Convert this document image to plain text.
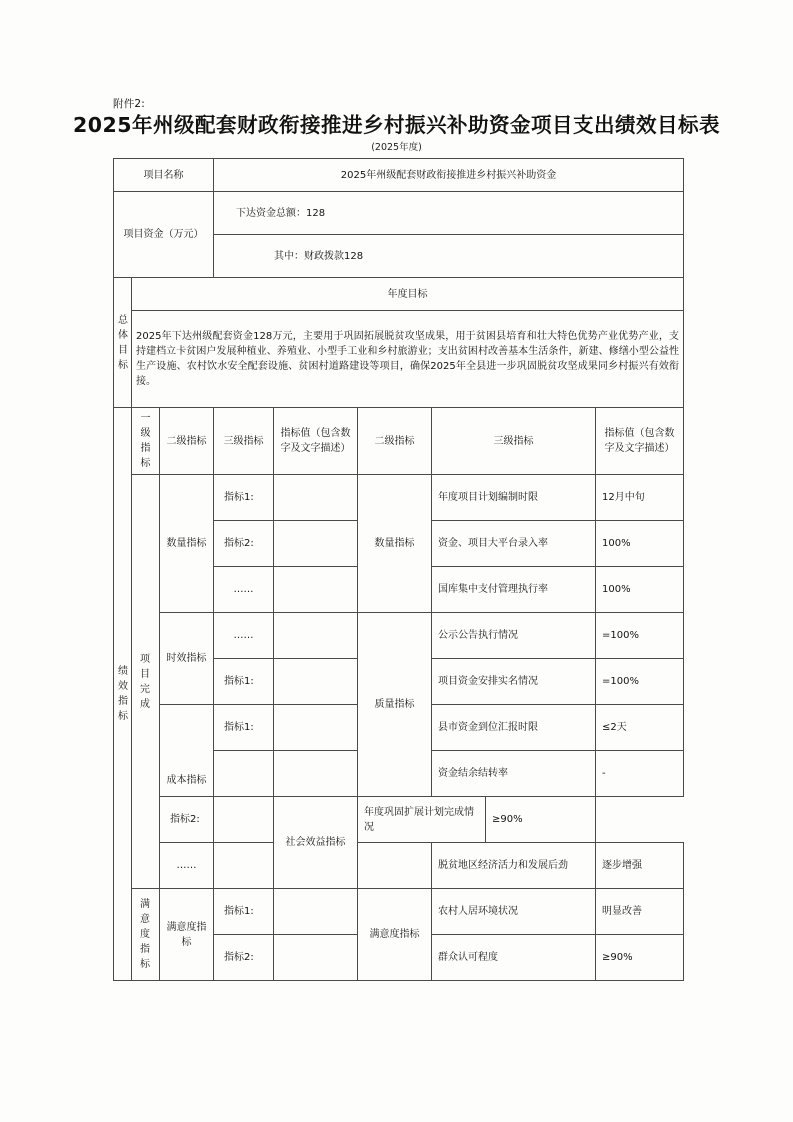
附件2:
2025年州级配套财政衔接推进乡村振兴补助资金项目支出绩效目标表
(2025年度)
项目名称			2025年州级配套财政衔接推进乡村振兴补助资金					
项目资金（万元）			下达资金总额：128					
			其中：财政拨款128					

总体目标	年度目标							
	2025年下达州级配套资金128万元，主要用于巩固拓展脱贫攻坚成果，用于贫困县培育和壮大特色优势产业优势产业，支持建档立卡贫困户发展种植业、养殖业、小型手工业和乡村旅游业；支出贫困村改善基本生活条件，新建、修缮小型公益性生产设施、农村饮水安全配套设施、贫困村道路建设等项目，确保2025年全县进一步巩固脱贫攻坚成果同乡村振兴有效衔接。							

绩效指标	一级指标	二级指标	三级指标	指标值（包含数字及文字描述）	二级指标	三级指标		指标值（包含数字及文字描述）

	项目完成	数量指标	指标1:		数量指标	年度项目计划编制时限		12月中旬
			指标2:			资金、项目大平台录入率		100%
			……			国库集中支付管理执行率		100%
		时效指标	……		质量指标	公示公告执行情况		=100%
			指标1:			项目资金安排实名情况		=100%
		成本指标	指标1:			县市资金到位汇报时限		≤2天
						资金结余结转率		-
		指标2:		社会效益指标	年度巩固扩展计划完成情况		≥90%	
		……				脱贫地区经济活力和发展后劲		逐步增强

	满意度指标	满意度指标	指标1:		满意度指标	农村人居环境状况		明显改善
			指标2:			群众认可程度		≥90%
